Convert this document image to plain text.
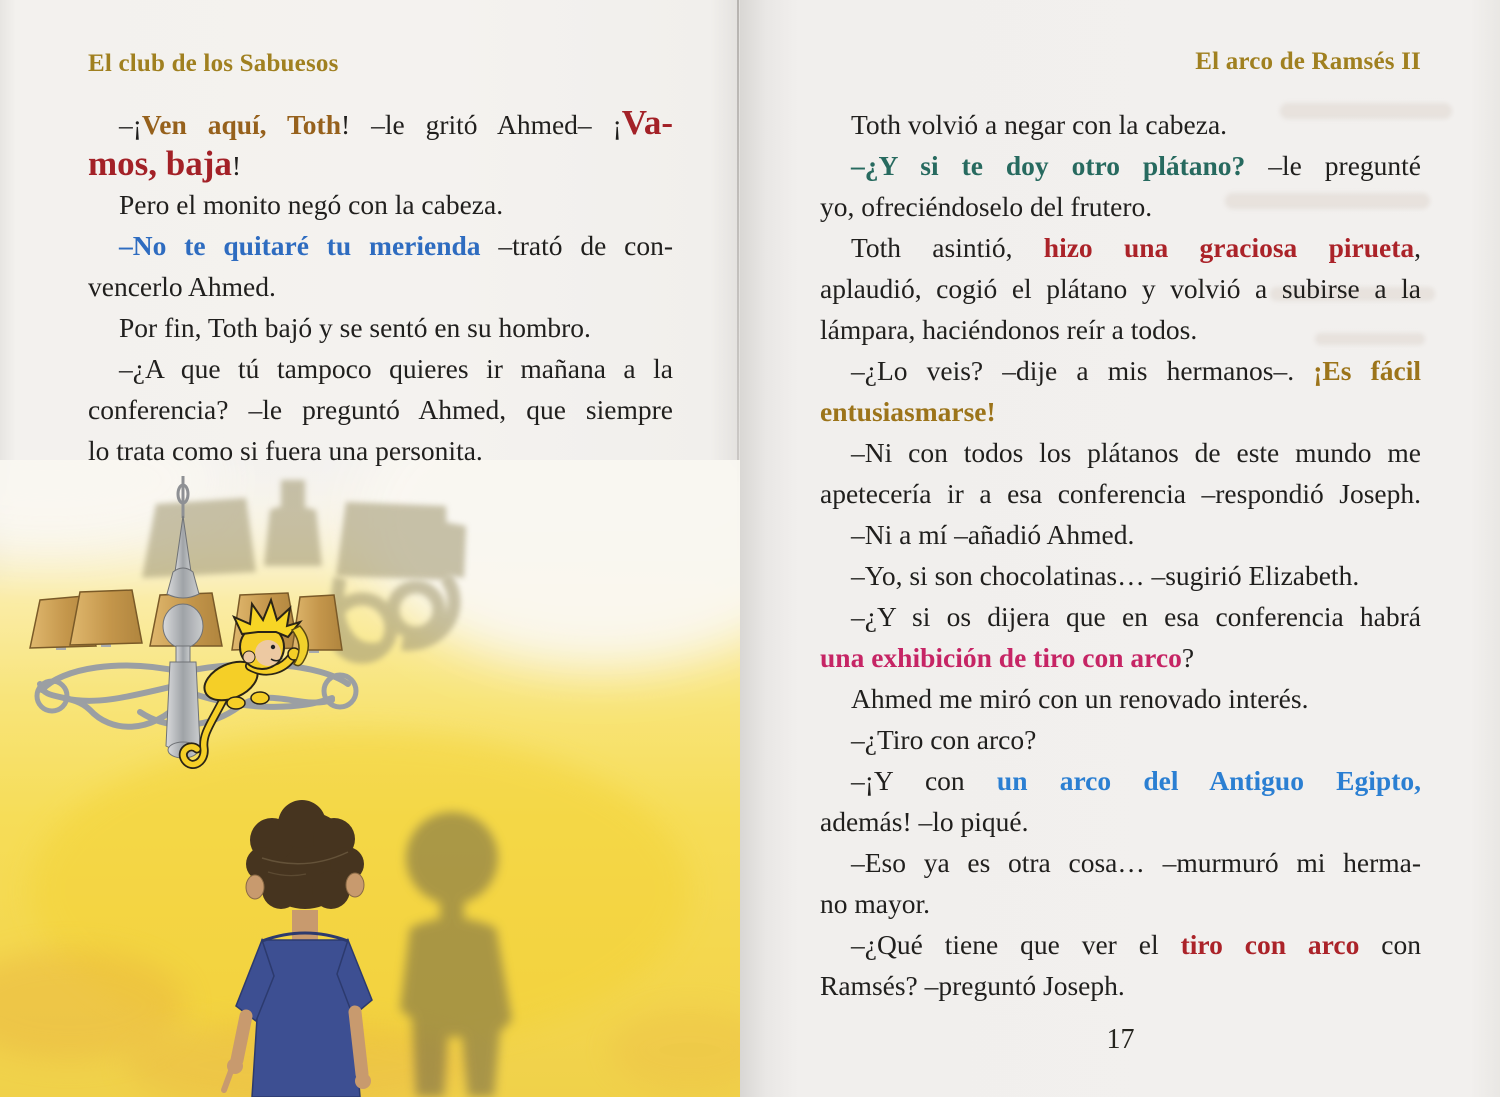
El club de los Sabuesos	El arco de Ramsés II
–¡Ven aquí, Toth! –le gritó Ahmed– ¡Va-
mos, baja!
Pero el monito negó con la cabeza.
–No te quitaré tu merienda –trató de con-
vencerlo Ahmed.
Por fin, Toth bajó y se sentó en su hombro.
–¿A que tú tampoco quieres ir mañana a la
conferencia? –le preguntó Ahmed, que siempre
lo trata como si fuera una personita.
Toth volvió a negar con la cabeza.
–¿Y si te doy otro plátano? –le pregunté
yo, ofreciéndoselo del frutero.
Toth asintió, hizo una graciosa pirueta,
aplaudió, cogió el plátano y volvió a subirse a la
lámpara, haciéndonos reír a todos.
–¿Lo veis? –dije a mis hermanos–. ¡Es fácil
entusiasmarse!
–Ni con todos los plátanos de este mundo me
apetecería ir a esa conferencia –respondió Joseph.
–Ni a mí –añadió Ahmed.
–Yo, si son chocolatinas… –sugirió Elizabeth.
–¿Y si os dijera que en esa conferencia habrá
una exhibición de tiro con arco?
Ahmed me miró con un renovado interés.
–¿Tiro con arco?
–¡Y con un arco del Antiguo Egipto,
además! –lo piqué.
–Eso ya es otra cosa… –murmuró mi herma-
no mayor.
–¿Qué tiene que ver el tiro con arco con
Ramsés? –preguntó Joseph.
17
